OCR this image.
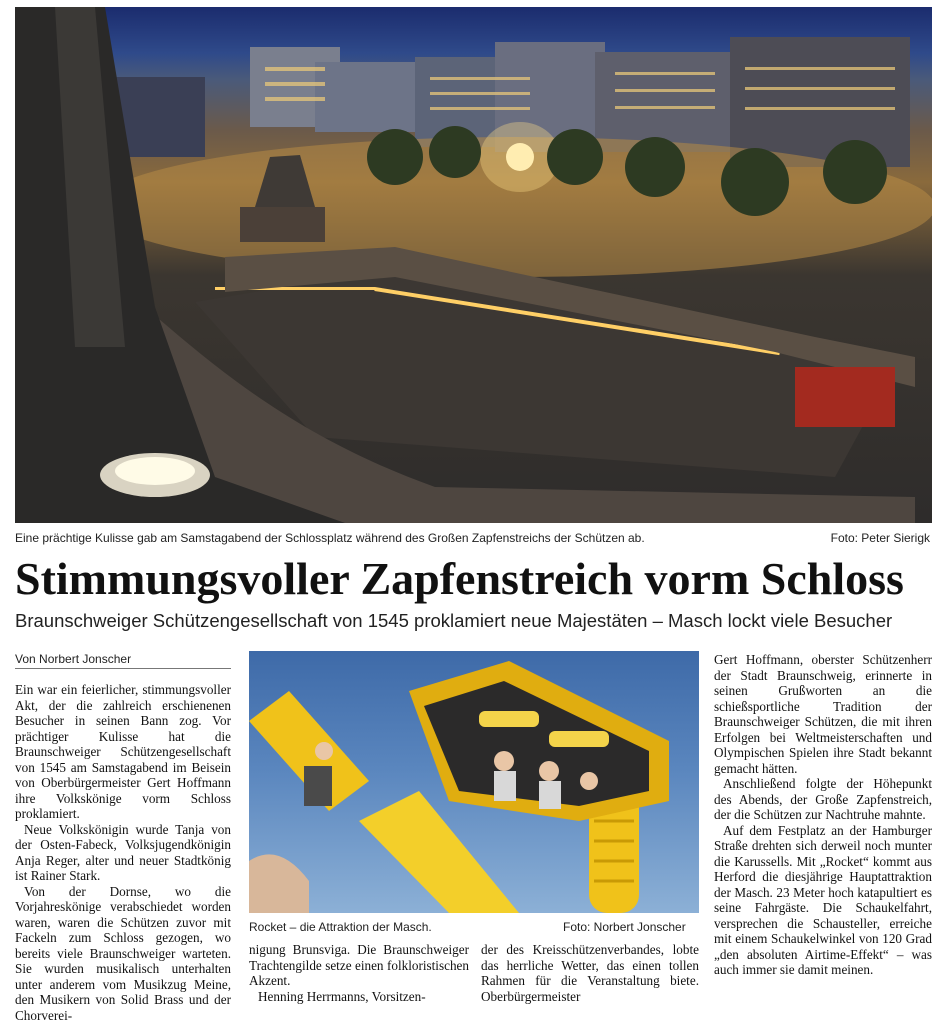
Eine prächtige Kulisse gab am Samstagabend der Schlossplatz während des Großen Zapfenstreichs der Schützen ab.	Foto: Peter Sierigk
Stimmungsvoller Zapfenstreich vorm Schloss
Braunschweiger Schützengesellschaft von 1545 proklamiert neue Majestäten – Masch lockt viele Besucher
Von Norbert Jonscher

Ein war ein feierlicher, stimmungsvoller Akt, der die zahlreich erschienenen Besucher in seinen Bann zog. Vor prächtiger Kulisse hat die Braunschweiger Schützengesellschaft von 1545 am Samstagabend im Beisein von Oberbürgermeister Gert Hoffmann ihre Volkskönige vorm Schloss proklamiert.

Neue Volkskönigin wurde Tanja von der Osten-Fabeck, Volksjugendkönigin Anja Reger, alter und neuer Stadtkönig ist Rainer Stark.

Von der Dornse, wo die Vorjahreskönige verabschiedet worden waren, waren die Schützen zuvor mit Fackeln zum Schloss gezogen, wo bereits viele Braunschweiger warteten. Sie wurden musikalisch unterhalten unter anderem vom Musikzug Meine, den Musikern von Solid Brass und der Chorverei-

Rocket – die Attraktion der Masch.	Foto: Norbert Jonscher

nigung Brunsviga. Die Braunschweiger Trachtengilde setze einen folkloristischen Akzent.

Henning Herrmanns, Vorsitzen-

der des Kreisschützenverbandes, lobte das herrliche Wetter, das einen tollen Rahmen für die Veranstaltung biete. Oberbürgermeister

Gert Hoffmann, oberster Schützenherr der Stadt Braunschweig, erinnerte in seinen Grußworten an die schießsportliche Tradition der Braunschweiger Schützen, die mit ihren Erfolgen bei Weltmeisterschaften und Olympischen Spielen ihre Stadt bekannt gemacht hätten.

Anschließend folgte der Höhepunkt des Abends, der Große Zapfenstreich, der die Schützen zur Nachtruhe mahnte.

Auf dem Festplatz an der Hamburger Straße drehten sich derweil noch munter die Karussells. Mit „Rocket“ kommt aus Herford die diesjährige Hauptattraktion der Masch. 23 Meter hoch katapultiert es seine Fahrgäste. Die Schaukelfahrt, versprechen die Schausteller, erreiche mit einem Schaukelwinkel von 120 Grad „den absoluten Airtime-Effekt“ – was auch immer sie damit meinen.
